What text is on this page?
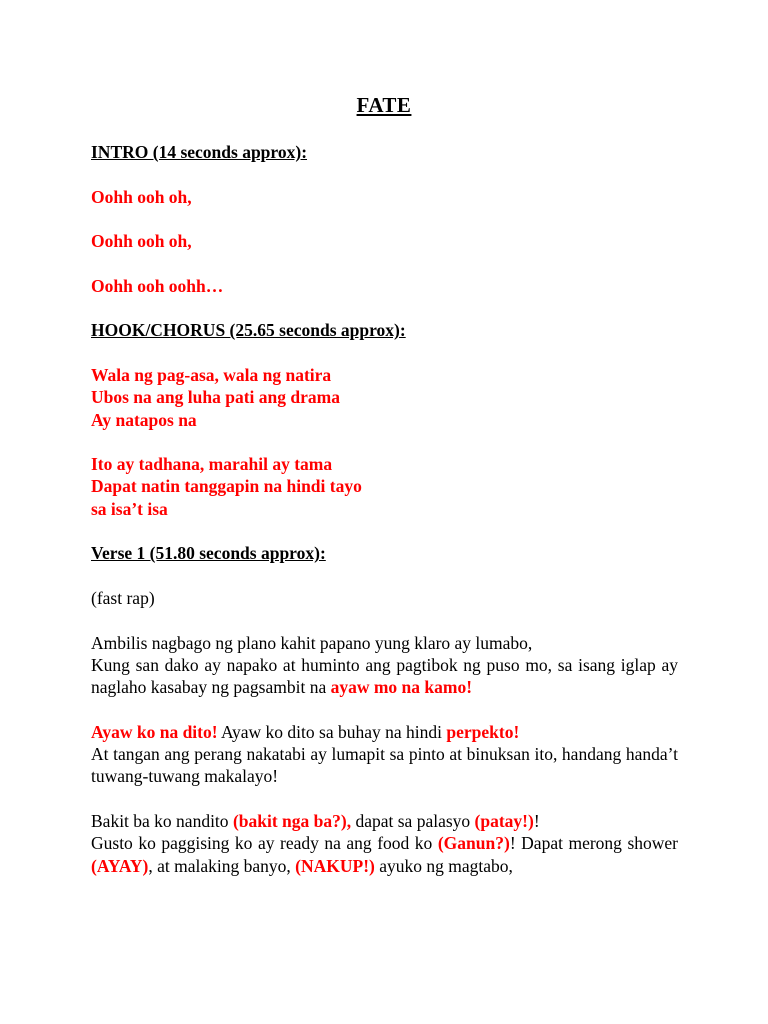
FATE

INTRO (14 seconds approx):

Oohh ooh oh,

Oohh ooh oh,

Oohh ooh oohh…

HOOK/CHORUS (25.65 seconds approx):

Wala ng pag-asa, wala ng natira

Ubos na ang luha pati ang drama

Ay natapos na

Ito ay tadhana, marahil ay tama

Dapat natin tanggapin na hindi tayo

sa isa’t isa

Verse 1 (51.80 seconds approx):

(fast rap)

Ambilis nagbago ng plano kahit papano yung klaro ay lumabo,

Kung san dako ay napako at huminto ang pagtibok ng puso mo, sa isang iglap ay naglaho kasabay ng pagsambit na ayaw mo na kamo!

Ayaw ko na dito! Ayaw ko dito sa buhay na hindi perpekto!

At tangan ang perang nakatabi ay lumapit sa pinto at binuksan ito, handang handa’t tuwang-tuwang makalayo!

Bakit ba ko nandito (bakit nga ba?), dapat sa palasyo (patay!)!

Gusto ko paggising ko ay ready na ang food ko (Ganun?)! Dapat merong shower (AYAY), at malaking banyo, (NAKUP!) ayuko ng magtabo,
